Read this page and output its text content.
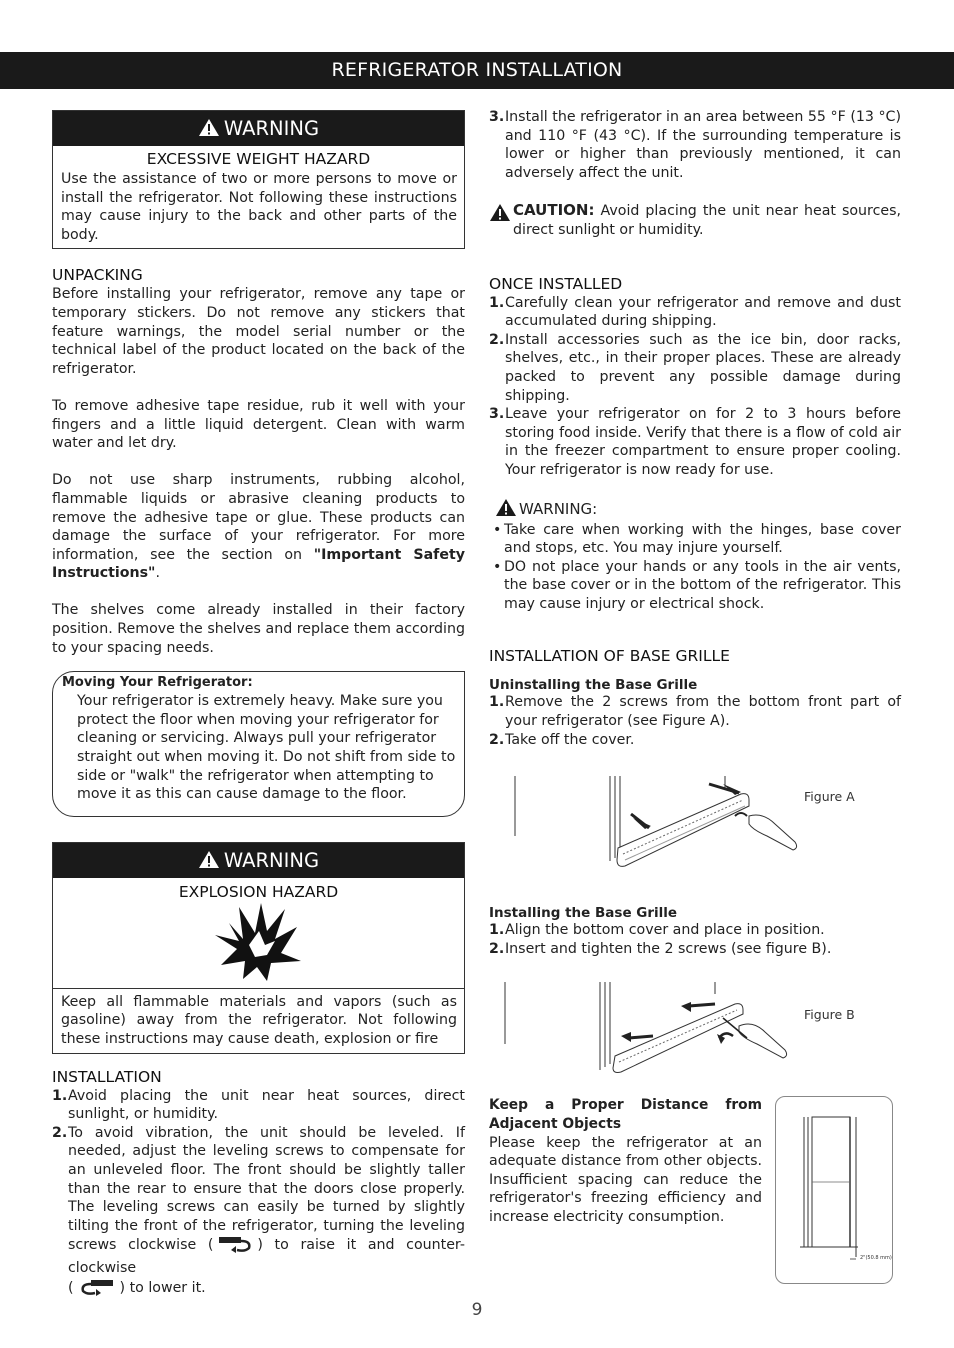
REFRIGERATOR INSTALLATION
WARNING
EXCESSIVE WEIGHT HAZARD

Use the assistance of two or more persons to move or install the refrigerator. Not following these instructions may cause injury to the back and other parts of the body.

UNPACKING

Before installing your refrigerator, remove any tape or temporary stickers. Do not remove any stickers that feature warnings, the model serial number or the technical label of the product located on the back of the refrigerator.

To remove adhesive tape residue, rub it well with your fingers and a little liquid detergent. Clean with warm water and let dry.

Do not use sharp instruments, rubbing alcohol, flammable liquids or abrasive cleaning products to remove the adhesive tape or glue. These products can damage the surface of your refrigerator. For more information, see the section on "Important Safety Instructions".

The shelves come already installed in their factory position. Remove the shelves and replace them according to your spacing needs.

Moving Your Refrigerator:
Your refrigerator is extremely heavy. Make sure you protect the floor when moving your refrigerator for cleaning or servicing. Always pull your refrigerator straight out when moving it. Do not shift from side to side or "walk" the refrigerator when attempting to move it as this can cause damage to the floor.
WARNING
EXPLOSION HAZARD

Keep all flammable materials and vapors (such as gasoline) away from the refrigerator. Not following these instructions may cause death, explosion or fire

INSTALLATION
1. Avoid placing the unit near heat sources, direct sunlight, or humidity.
2. To avoid vibration, the unit should be leveled. If needed, adjust the leveling screws to compensate for an unleveled floor. The front should be slightly taller than the rear to ensure that the doors close properly. The leveling screws can easily be turned by slightly tilting the front of the refrigerator, turning the leveling screws clockwise (	) to raise it and counter-clockwise
(	) to lower it.
3. Install the refrigerator in an area between 55 °F (13 °C) and 110 °F (43 °C). If the surrounding temperature is lower or higher than previously mentioned, it can adversely affect the unit.
CAUTION: Avoid placing the unit near heat sources, direct sunlight or humidity.
ONCE INSTALLED
1. Carefully clean your refrigerator and remove and dust accumulated during shipping.
2. Install accessories such as the ice bin, door racks, shelves, etc., in their proper places. These are already packed to prevent any possible damage during shipping.
3. Leave your refrigerator on for 2 to 3 hours before storing food inside. Verify that there is a flow of cold air in the freezer compartment to ensure proper cooling. Your refrigerator is now ready for use.
WARNING:
• Take care when working with the hinges, base cover and stops, etc. You may injure yourself.
• DO not place your hands or any tools in the air vents, the base cover or in the bottom of the refrigerator. This may cause injury or electrical shock.
INSTALLATION OF BASE GRILLE
Uninstalling the Base Grille
1. Remove the 2 screws from the bottom front part of your refrigerator (see Figure A).
2. Take off the cover.
Figure A
Installing the Base Grille
1. Align the bottom cover and place in position.
2. Insert and tighten the 2 screws (see figure B).
Figure B

Keep a Proper Distance from Adjacent Objects

Please keep the refrigerator at an adequate distance from other objects. Insufficient spacing can reduce the refrigerator's freezing efficiency and increase electricity consumption.

2"(50.8 mm)
9
